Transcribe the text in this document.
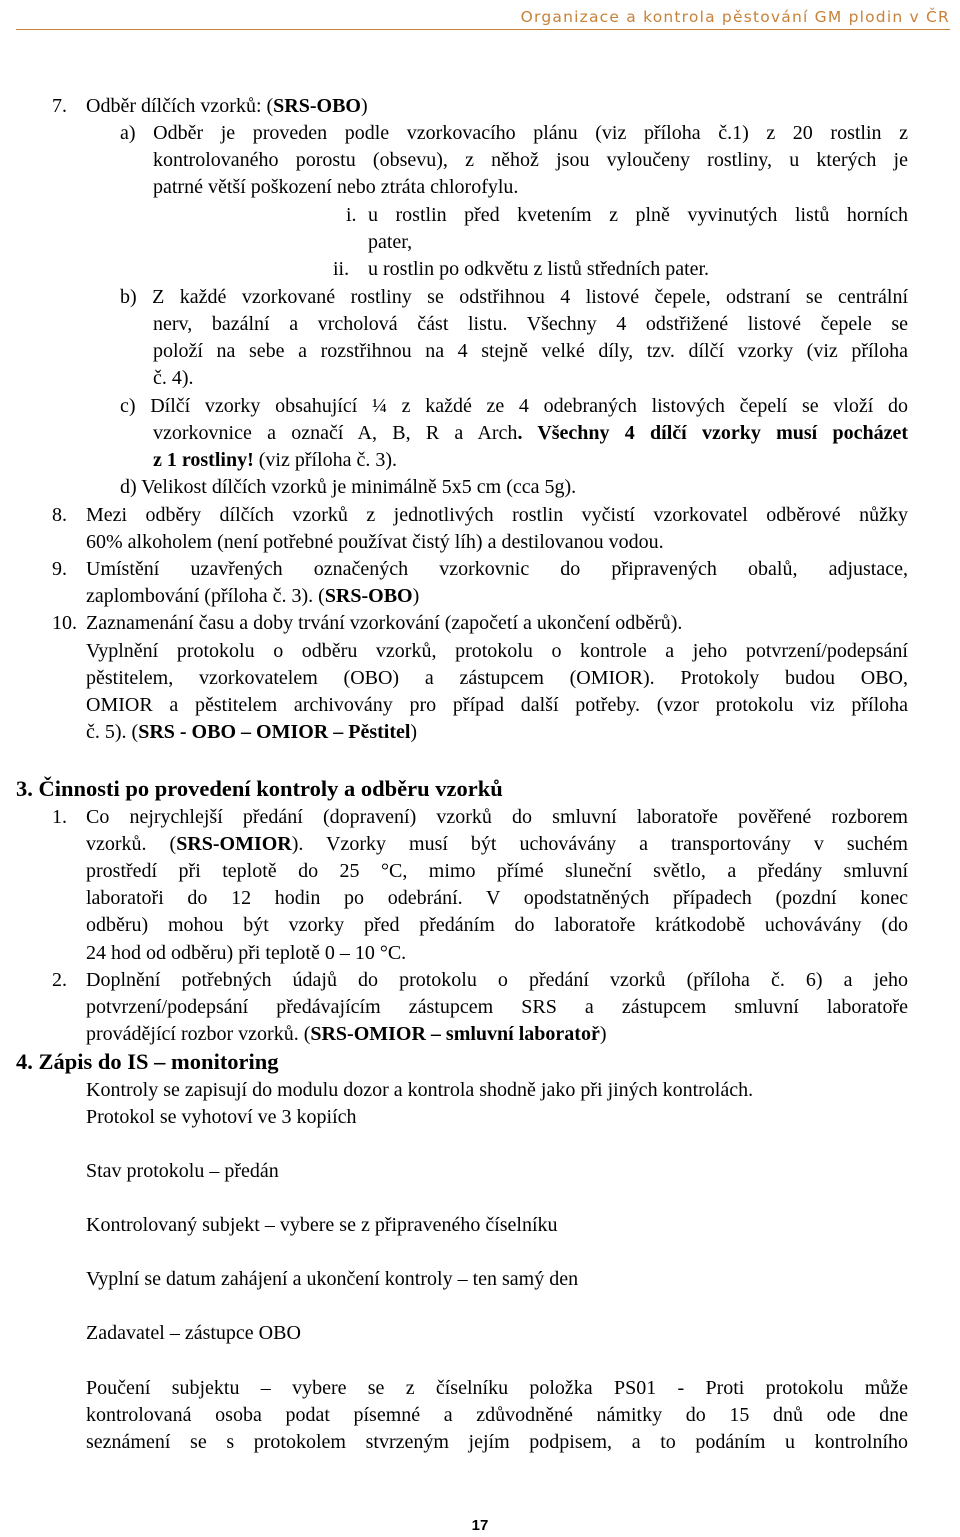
Organizace a kontrola pěstování GM plodin v ČR
7. Odběr dílčích vzorků: (SRS-OBO)
a) Odběr je proveden podle vzorkovacího plánu (viz příloha č.1) z 20 rostlin z
kontrolovaného porostu (obsevu), z něhož jsou vyloučeny rostliny, u kterých je
patrné větší poškození nebo ztráta chlorofylu.
i. u rostlin před kvetením z plně vyvinutých listů horních
pater,
ii. u rostlin po odkvětu z listů středních pater.
b) Z každé vzorkované rostliny se odstřihnou 4 listové čepele, odstraní se centrální
nerv, bazální a vrcholová část listu. Všechny 4 odstřižené listové čepele se
položí na sebe a rozstřihnou na 4 stejně velké díly, tzv. dílčí vzorky (viz příloha
č. 4).
c) Dílčí vzorky obsahující ¼ z každé ze 4 odebraných listových čepelí se vloží do
vzorkovnice a označí A, B, R a Arch. Všechny 4 dílčí vzorky musí pocházet
z 1 rostliny! (viz příloha č. 3).
d) Velikost dílčích vzorků je minimálně 5x5 cm (cca 5g).
8. Mezi odběry dílčích vzorků z jednotlivých rostlin vyčistí vzorkovatel odběrové nůžky
60% alkoholem (není potřebné používat čistý líh) a destilovanou vodou.
9. Umístění uzavřených označených vzorkovnic do připravených obalů, adjustace,
zaplombování (příloha č. 3). (SRS-OBO)
10. Zaznamenání času a doby trvání vzorkování (započetí a ukončení odběrů).
Vyplnění protokolu o odběru vzorků, protokolu o kontrole a jeho potvrzení/podepsání
pěstitelem, vzorkovatelem (OBO) a zástupcem (OMIOR). Protokoly budou OBO,
OMIOR a pěstitelem archivovány pro případ další potřeby. (vzor protokolu viz příloha
č. 5). (SRS - OBO – OMIOR – Pěstitel)
3. Činnosti po provedení kontroly a odběru vzorků
1. Co nejrychlejší předání (dopravení) vzorků do smluvní laboratoře pověřené rozborem
vzorků. (SRS-OMIOR). Vzorky musí být uchovávány a transportovány v suchém
prostředí při teplotě do 25 °C, mimo přímé sluneční světlo, a předány smluvní
laboratoři do 12 hodin po odebrání. V opodstatněných případech (pozdní konec
odběru) mohou být vzorky před předáním do laboratoře krátkodobě uchovávány (do
24 hod od odběru) při teplotě 0 – 10 °C.
2. Doplnění potřebných údajů do protokolu o předání vzorků (příloha č. 6) a jeho
potvrzení/podepsání předávajícím zástupcem SRS a zástupcem smluvní laboratoře
provádějící rozbor vzorků. (SRS-OMIOR – smluvní laboratoř)
4. Zápis do IS – monitoring
Kontroly se zapisují do modulu dozor a kontrola shodně jako při jiných kontrolách.
Protokol se vyhotoví ve 3 kopiích
Stav protokolu – předán
Kontrolovaný subjekt – vybere se z připraveného číselníku
Vyplní se datum zahájení a ukončení kontroly – ten samý den
Zadavatel – zástupce OBO
Poučení subjektu – vybere se z číselníku položka PS01 - Proti protokolu může
kontrolovaná osoba podat písemné a zdůvodněné námitky do 15 dnů ode dne
seznámení se s protokolem stvrzeným jejím podpisem, a to podáním u kontrolního
17
